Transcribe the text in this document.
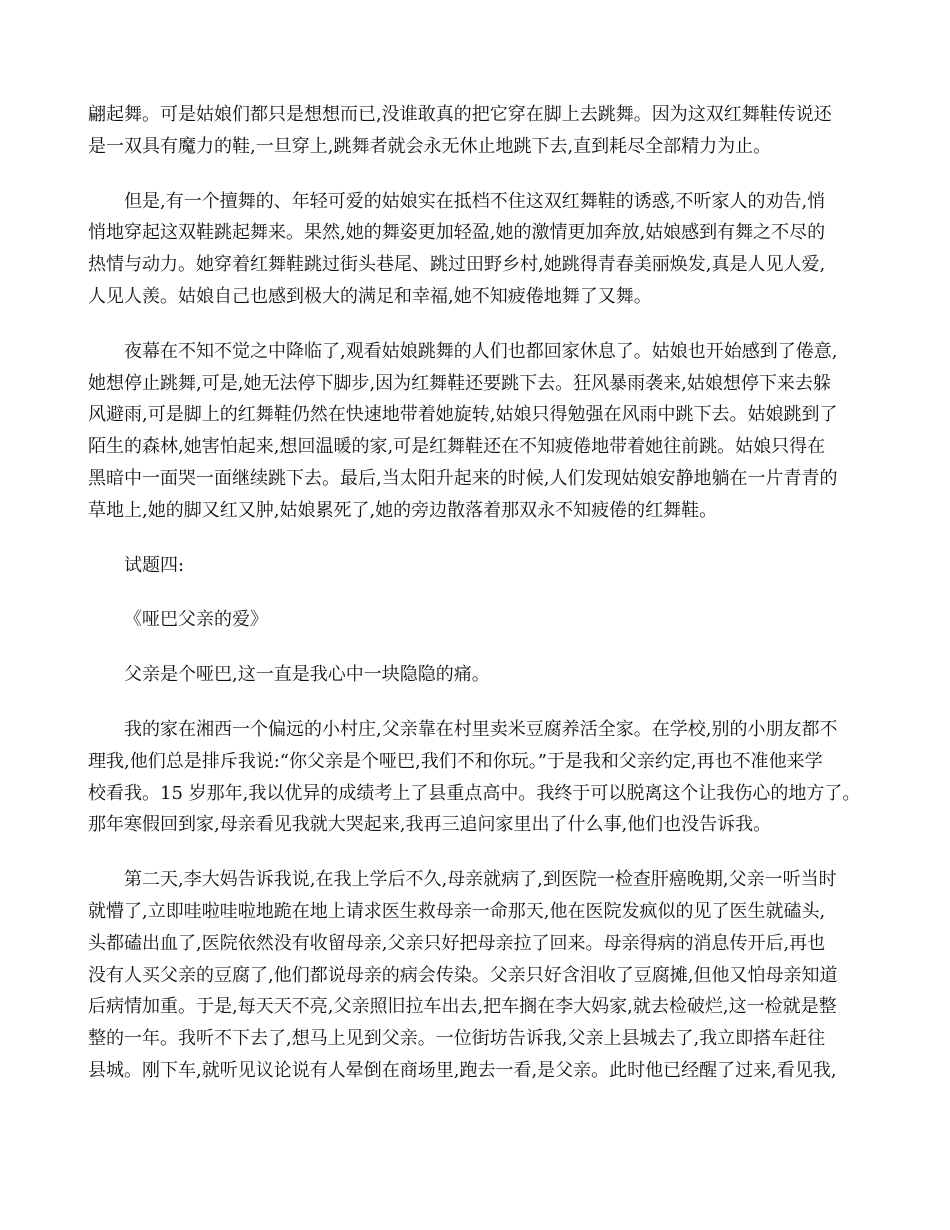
翩起舞。可是姑娘们都只是想想而已,没谁敢真的把它穿在脚上去跳舞。因为这双红舞鞋传说还
是一双具有魔力的鞋,一旦穿上,跳舞者就会永无休止地跳下去,直到耗尽全部精力为止。
但是,有一个擅舞的、年轻可爱的姑娘实在抵档不住这双红舞鞋的诱惑,不听家人的劝告,悄
悄地穿起这双鞋跳起舞来。果然,她的舞姿更加轻盈,她的激情更加奔放,姑娘感到有舞之不尽的
热情与动力。她穿着红舞鞋跳过街头巷尾、跳过田野乡村,她跳得青春美丽焕发,真是人见人爱,
人见人羡。姑娘自己也感到极大的满足和幸福,她不知疲倦地舞了又舞。
夜幕在不知不觉之中降临了,观看姑娘跳舞的人们也都回家休息了。姑娘也开始感到了倦意,
她想停止跳舞,可是,她无法停下脚步,因为红舞鞋还要跳下去。狂风暴雨袭来,姑娘想停下来去躲
风避雨,可是脚上的红舞鞋仍然在快速地带着她旋转,姑娘只得勉强在风雨中跳下去。姑娘跳到了
陌生的森林,她害怕起来,想回温暖的家,可是红舞鞋还在不知疲倦地带着她往前跳。姑娘只得在
黑暗中一面哭一面继续跳下去。最后,当太阳升起来的时候,人们发现姑娘安静地躺在一片青青的
草地上,她的脚又红又肿,姑娘累死了,她的旁边散落着那双永不知疲倦的红舞鞋。
试题四:
《哑巴父亲的爱》
父亲是个哑巴,这一直是我心中一块隐隐的痛。
我的家在湘西一个偏远的小村庄,父亲靠在村里卖米豆腐养活全家。在学校,别的小朋友都不
理我,他们总是排斥我说:“你父亲是个哑巴,我们不和你玩。”于是我和父亲约定,再也不准他来学
校看我。15 岁那年,我以优异的成绩考上了县重点高中。我终于可以脱离这个让我伤心的地方了。
那年寒假回到家,母亲看见我就大哭起来,我再三追问家里出了什么事,他们也没告诉我。
第二天,李大妈告诉我说,在我上学后不久,母亲就病了,到医院一检查肝癌晚期,父亲一听当时
就懵了,立即哇啦哇啦地跪在地上请求医生救母亲一命那天,他在医院发疯似的见了医生就磕头,
头都磕出血了,医院依然没有收留母亲,父亲只好把母亲拉了回来。母亲得病的消息传开后,再也
没有人买父亲的豆腐了,他们都说母亲的病会传染。父亲只好含泪收了豆腐摊,但他又怕母亲知道
后病情加重。于是,每天天不亮,父亲照旧拉车出去,把车搁在李大妈家,就去检破烂,这一检就是整
整的一年。我听不下去了,想马上见到父亲。一位街坊告诉我,父亲上县城去了,我立即搭车赶往
县城。刚下车,就听见议论说有人晕倒在商场里,跑去一看,是父亲。此时他已经醒了过来,看见我,
